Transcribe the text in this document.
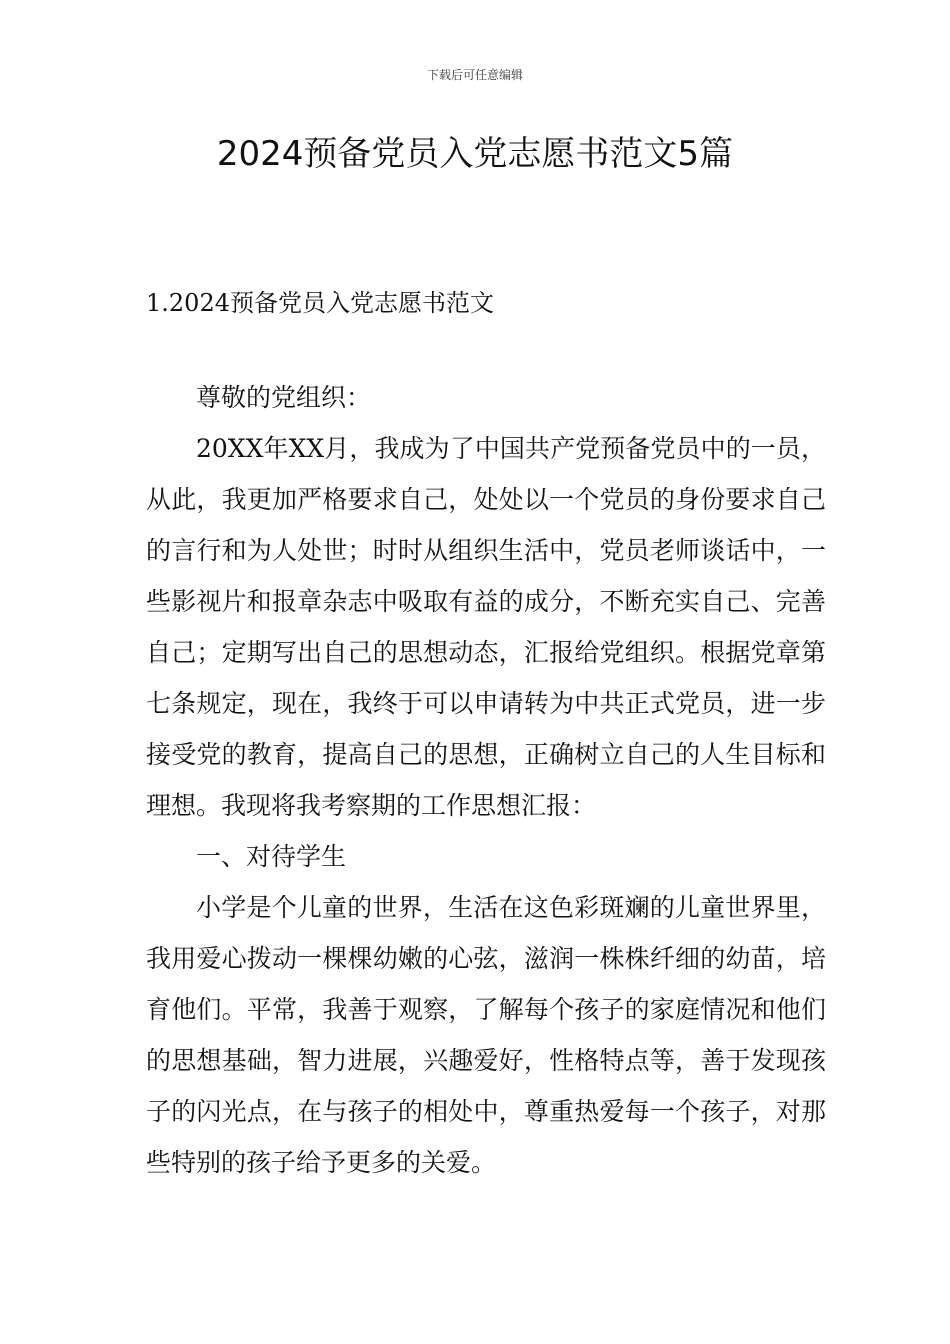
下载后可任意编辑
2024预备党员入党志愿书范文5篇
1.2024预备党员入党志愿书范文

尊敬的党组织：

20XX年XX月，我成为了中国共产党预备党员中的一员，从此，我更加严格要求自己，处处以一个党员的身份要求自己的言行和为人处世；时时从组织生活中，党员老师谈话中，一些影视片和报章杂志中吸取有益的成分，不断充实自己、完善自己；定期写出自己的思想动态，汇报给党组织。根据党章第七条规定，现在，我终于可以申请转为中共正式党员，进一步接受党的教育，提高自己的思想，正确树立自己的人生目标和理想。我现将我考察期的工作思想汇报：

一、对待学生

小学是个儿童的世界，生活在这色彩斑斓的儿童世界里，我用爱心拨动一棵棵幼嫩的心弦，滋润一株株纤细的幼苗，培育他们。平常，我善于观察，了解每个孩子的家庭情况和他们的思想基础，智力进展，兴趣爱好，性格特点等，善于发现孩子的闪光点，在与孩子的相处中，尊重热爱每一个孩子，对那些特别的孩子给予更多的关爱。
